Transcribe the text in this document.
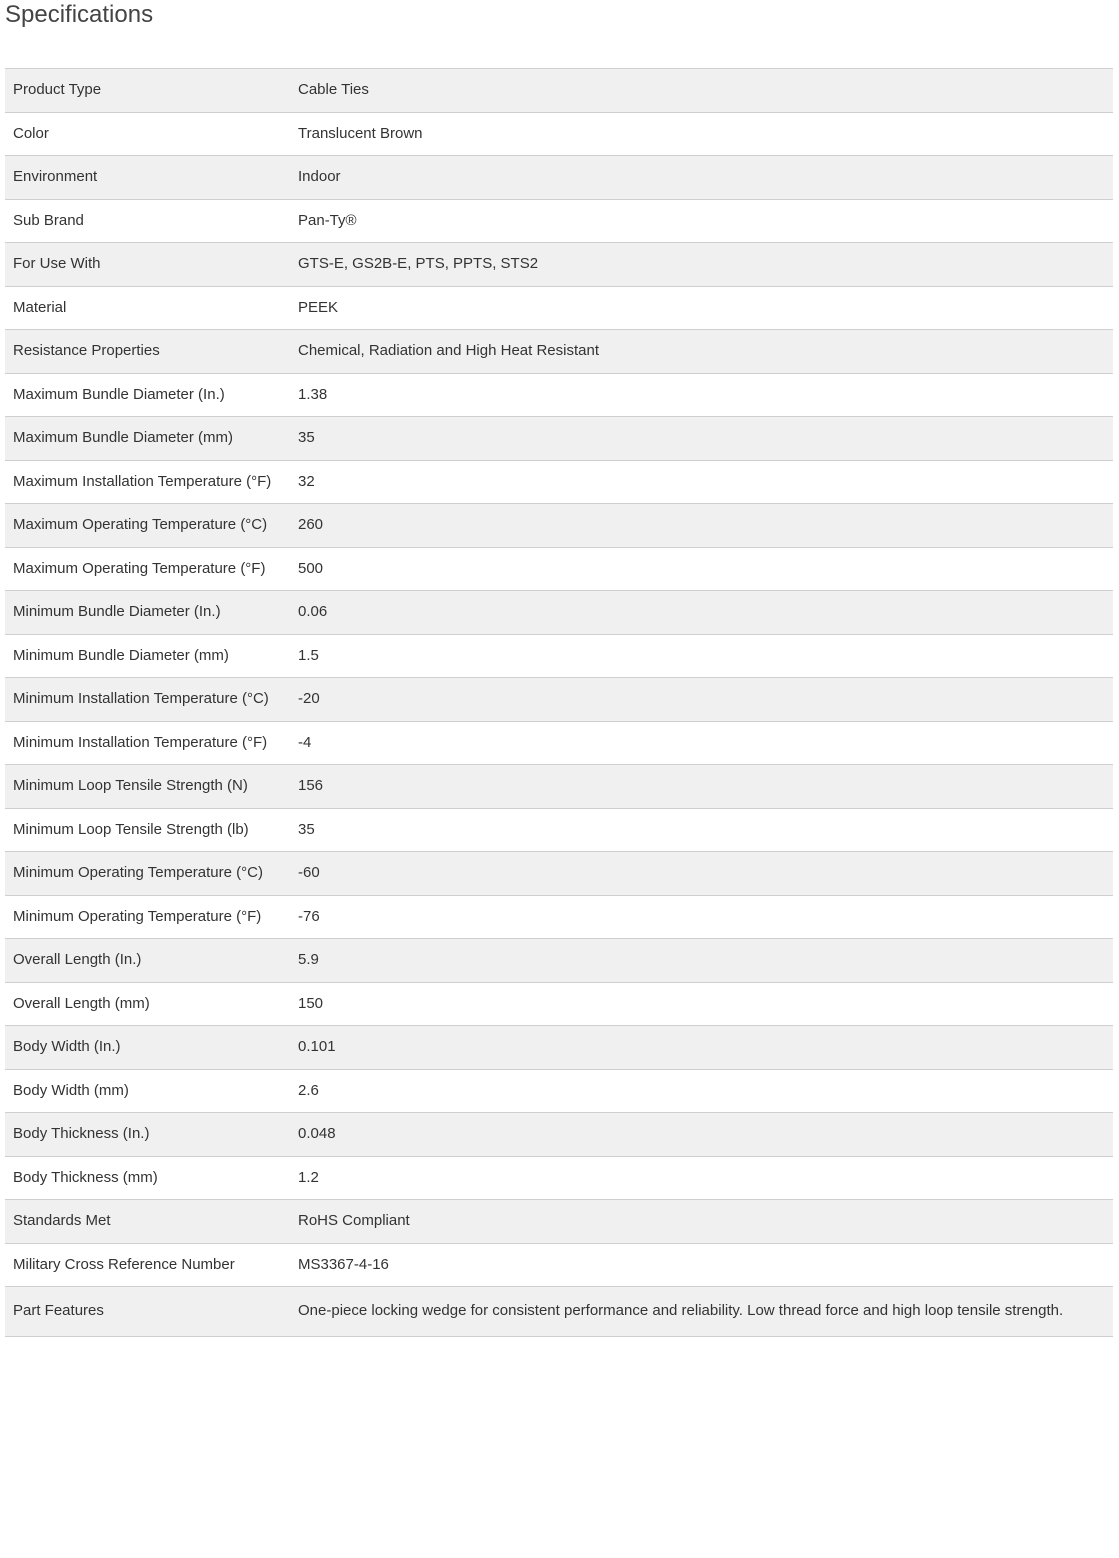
Specifications
Product Type	Cable Ties
Color	Translucent Brown
Environment	Indoor
Sub Brand	Pan-Ty®
For Use With	GTS-E, GS2B-E, PTS, PPTS, STS2
Material	PEEK
Resistance Properties	Chemical, Radiation and High Heat Resistant
Maximum Bundle Diameter (In.)	1.38
Maximum Bundle Diameter (mm)	35
Maximum Installation Temperature (°F)	32
Maximum Operating Temperature (°C)	260
Maximum Operating Temperature (°F)	500
Minimum Bundle Diameter (In.)	0.06
Minimum Bundle Diameter (mm)	1.5
Minimum Installation Temperature (°C)	-20
Minimum Installation Temperature (°F)	-4
Minimum Loop Tensile Strength (N)	156
Minimum Loop Tensile Strength (lb)	35
Minimum Operating Temperature (°C)	-60
Minimum Operating Temperature (°F)	-76
Overall Length (In.)	5.9
Overall Length (mm)	150
Body Width (In.)	0.101
Body Width (mm)	2.6
Body Thickness (In.)	0.048
Body Thickness (mm)	1.2
Standards Met	RoHS Compliant
Military Cross Reference Number	MS3367-4-16
Part Features	One-piece locking wedge for consistent performance and reliability. Low thread force and high loop tensile strength.
